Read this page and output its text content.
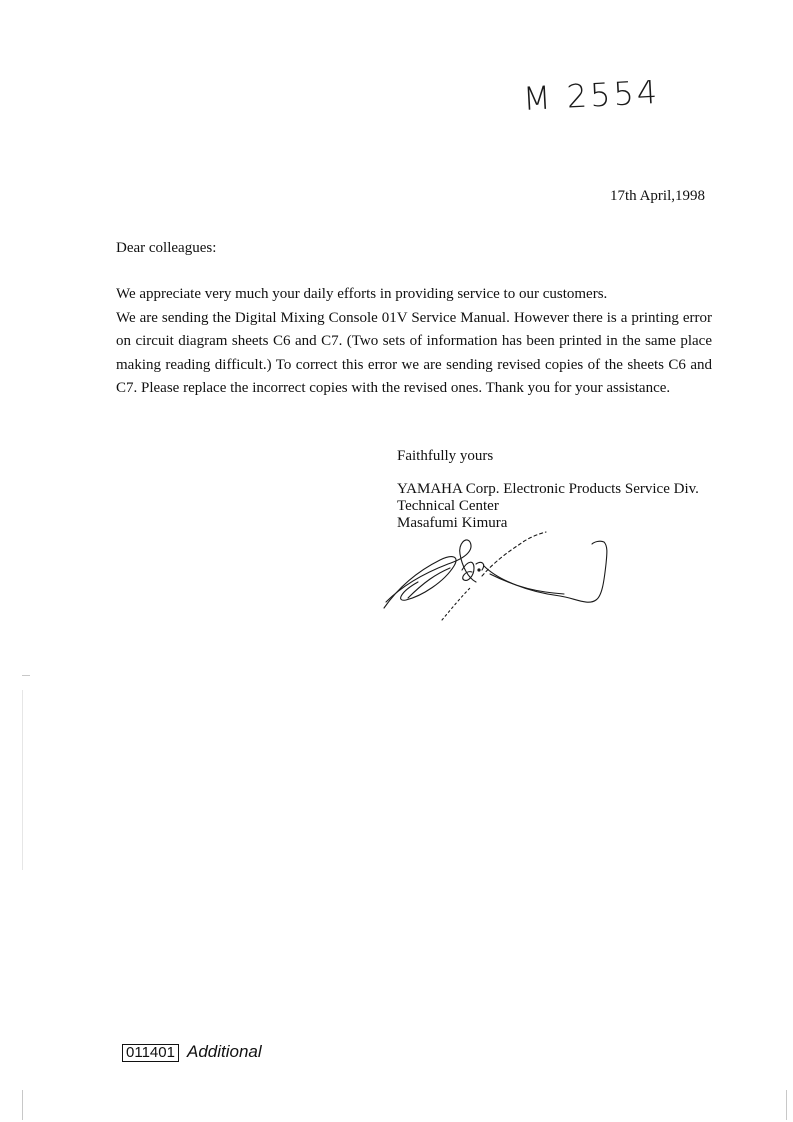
M 2554
17th April,1998
Dear colleagues:

We appreciate very much your daily efforts in providing service to our customers.

We are sending the Digital Mixing Console 01V Service Manual. However there is a printing error on circuit diagram sheets C6 and C7. (Two sets of information has been printed in the same place making reading difficult.) To correct this error we are sending revised copies of the sheets C6 and C7. Please replace the incorrect copies with the revised ones. Thank you for your assistance.

Faithfully yours
YAMAHA Corp. Electronic Products Service Div.
Technical Center
Masafumi Kimura
011401 Additional
